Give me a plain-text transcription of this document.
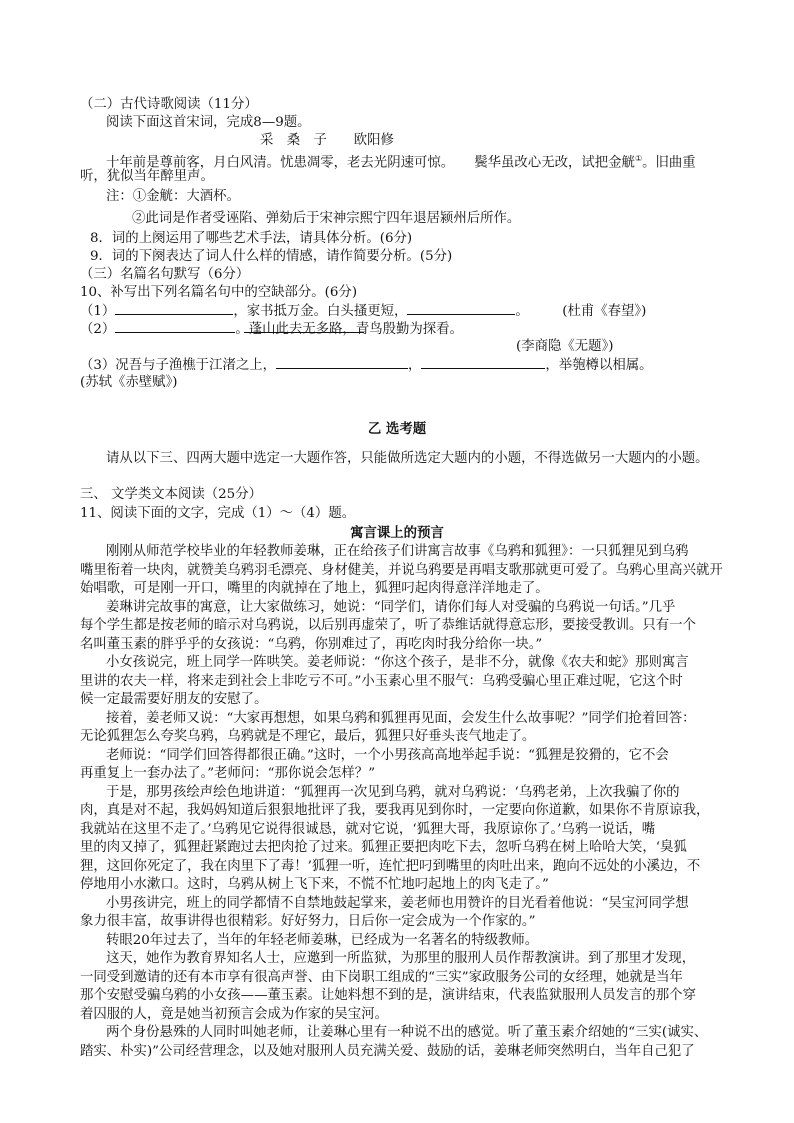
（二）古代诗歌阅读（11分）
阅读下面这首宋词，完成8—9题。
采　桑　子　　欧阳修
十年前是尊前客，月白风清。忧患凋零，老去光阴速可惊。　　鬓华虽改心无改，试把金觥①。旧曲重
听，犹似当年醉里声。
注：①金觥：大酒杯。
②此词是作者受诬陷、弹劾后于宋神宗熙宁四年退居颍州后所作。
8．词的上阕运用了哪些艺术手法，请具体分析。(6分)
9．词的下阕表达了词人什么样的情感，请作简要分析。(5分)
（三）名篇名句默写（6分）
10、补写出下列名篇名句中的空缺部分。(6分)
（1）	，家书抵万金。白头搔更短，	。　　　(杜甫《春望》)
（2）	。蓬山此去无多路，青鸟殷勤为探看。
(李商隐《无题》)
（3）况吾与子渔樵于江渚之上，	，	，举匏樽以相属。
(苏轼《赤壁赋》)
乙 选考题
请从以下三、四两大题中选定一大题作答，只能做所选定大题内的小题，不得选做另一大题内的小题。
三、 文学类文本阅读（25分）
11、阅读下面的文字，完成（1）～（4）题。
寓言课上的预言
刚刚从师范学校毕业的年轻教师姜琳，正在给孩子们讲寓言故事《乌鸦和狐狸》：一只狐狸见到乌鸦
嘴里衔着一块肉，就赞美乌鸦羽毛漂亮、身材健美，并说乌鸦要是再唱支歌那就更可爱了。乌鸦心里高兴就开
始唱歌，可是刚一开口，嘴里的肉就掉在了地上，狐狸叼起肉得意洋洋地走了。
姜琳讲完故事的寓意，让大家做练习，她说：“同学们，请你们每人对受骗的乌鸦说一句话。”几乎
每个学生都是按老师的暗示对乌鸦说，以后别再虚荣了，听了恭维话就得意忘形，要接受教训。只有一个
名叫董玉素的胖乎乎的女孩说：“乌鸦，你别难过了，再吃肉时我分给你一块。”
小女孩说完，班上同学一阵哄笑。姜老师说：“你这个孩子，是非不分，就像《农夫和蛇》那则寓言
里讲的农夫一样，将来走到社会上非吃亏不可。”小玉素心里不服气：乌鸦受骗心里正难过呢，它这个时
候一定最需要好朋友的安慰了。
接着，姜老师又说：“大家再想想，如果乌鸦和狐狸再见面，会发生什么故事呢？”同学们抢着回答：
无论狐狸怎么夸奖乌鸦，乌鸦就是不理它，最后，狐狸只好垂头丧气地走了。
老师说：“同学们回答得都很正确。”这时，一个小男孩高高地举起手说：“狐狸是狡猾的，它不会
再重复上一套办法了。”老师问：“那你说会怎样？”
于是，那男孩绘声绘色地讲道：“狐狸再一次见到乌鸦，就对乌鸦说：‘乌鸦老弟，上次我骗了你的
肉，真是对不起，我妈妈知道后狠狠地批评了我，要我再见到你时，一定要向你道歉，如果你不肯原谅我，
我就站在这里不走了。’乌鸦见它说得很诚恳，就对它说，‘狐狸大哥，我原谅你了。’乌鸦一说话，嘴
里的肉又掉了，狐狸赶紧跑过去把肉抢了过来。狐狸正要把肉吃下去，忽听乌鸦在树上哈哈大笑，‘臭狐
狸，这回你死定了，我在肉里下了毒！’狐狸一听，连忙把叼到嘴里的肉吐出来，跑向不远处的小溪边，不
停地用小水漱口。这时，乌鸦从树上飞下来，不慌不忙地叼起地上的肉飞走了。”
小男孩讲完，班上的同学都情不自禁地鼓起掌来，姜老师也用赞许的目光看着他说：“吴宝河同学想
象力很丰富，故事讲得也很精彩。好好努力，日后你一定会成为一个作家的。”
转眼20年过去了，当年的年轻老师姜琳，已经成为一名著名的特级教师。
这天，她作为教育界知名人士，应邀到一所监狱，为那里的服刑人员作帮教演讲。到了那里才发现，
一同受到邀请的还有本市享有很高声誉、由下岗职工组成的“三实”家政服务公司的女经理，她就是当年
那个安慰受骗乌鸦的小女孩——董玉素。让她料想不到的是，演讲结束，代表监狱服刑人员发言的那个穿
着囚服的人，竟是她当初预言会成为作家的吴宝河。
两个身份悬殊的人同时叫她老师，让姜琳心里有一种说不出的感觉。听了董玉素介绍她的“三实(诚实、
踏实、朴实)”公司经营理念，以及她对服刑人员充满关爱、鼓励的话，姜琳老师突然明白，当年自己犯了
